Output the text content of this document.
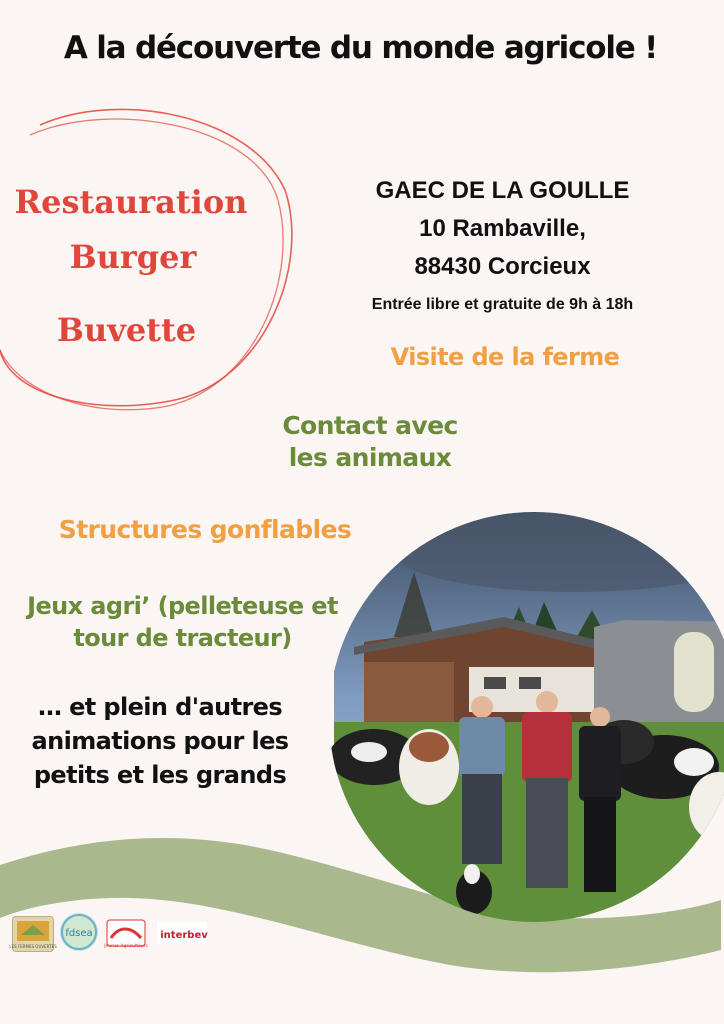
A la découverte du monde agricole !
Restauration
Burger
Buvette
GAEC DE LA GOULLE
10 Rambaville,
88430 Corcieux
Entrée libre et gratuite de 9h à 18h
Visite de la ferme
Contact avec
les animaux
Structures gonflables
Jeux agri’ (pelleteuse et
tour de tracteur)
… et plein d'autres
animations pour les
petits et les grands
LES FERMES OUVERTES
fdsea
Jeunes Agriculteurs
interbev
